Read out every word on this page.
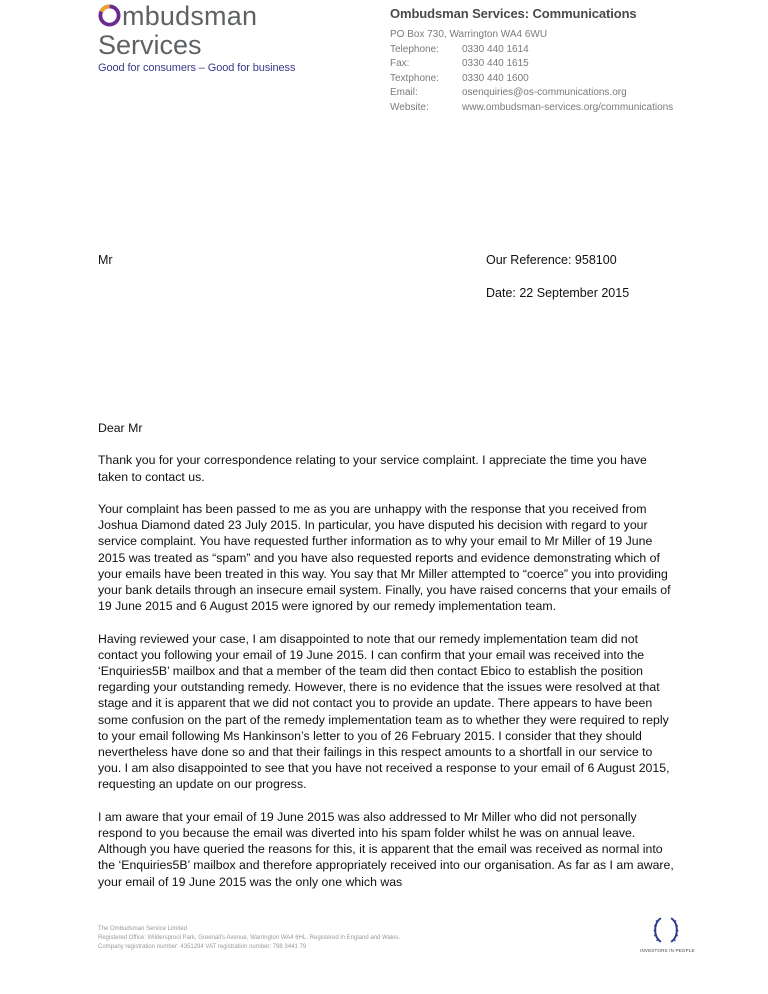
mbudsman
Services
Good for consumers – Good for business
Ombudsman Services: Communications
PO Box 730, Warrington WA4 6WU
Telephone: 0330 440 1614
Fax:	0330 440 1615
Textphone: 0330 440 1600
Email:	osenquiries@os-communications.org
Website:	www.ombudsman-services.org/communications
Mr	Our Reference: 958100
Date: 22 September 2015

Dear Mr

Thank you for your correspondence relating to your service complaint. I appreciate the time you have taken to contact us.

Your complaint has been passed to me as you are unhappy with the response that you received from Joshua Diamond dated 23 July 2015. In particular, you have disputed his decision with regard to your service complaint. You have requested further information as to why your email to Mr Miller of 19 June 2015 was treated as “spam” and you have also requested reports and evidence demonstrating which of your emails have been treated in this way. You say that Mr Miller attempted to “coerce” you into providing your bank details through an insecure email system. Finally, you have raised concerns that your emails of 19 June 2015 and 6 August 2015 were ignored by our remedy implementation team.

Having reviewed your case, I am disappointed to note that our remedy implementation team did not contact you following your email of 19 June 2015. I can confirm that your email was received into the ‘Enquiries5B’ mailbox and that a member of the team did then contact Ebico to establish the position regarding your outstanding remedy. However, there is no evidence that the issues were resolved at that stage and it is apparent that we did not contact you to provide an update. There appears to have been some confusion on the part of the remedy implementation team as to whether they were required to reply to your email following Ms Hankinson’s letter to you of 26 February 2015. I consider that they should nevertheless have done so and that their failings in this respect amounts to a shortfall in our service to you. I am also disappointed to see that you have not received a response to your email of 6 August 2015, requesting an update on our progress.

I am aware that your email of 19 June 2015 was also addressed to Mr Miller who did not personally respond to you because the email was diverted into his spam folder whilst he was on annual leave. Although you have queried the reasons for this, it is apparent that the email was received as normal into the ‘Enquiries5B’ mailbox and therefore appropriately received into our organisation. As far as I am aware, your email of 19 June 2015 was the only one which was

The Ombudsman Service Limited
Registered Office: Wildersprool Park, Greenall’s Avenue, Warrington WA4 6HL. Registered in England and Wales.
Company registration number: 4351294 VAT registration number: 798 3441 79
INVESTORS IN PEOPLE
